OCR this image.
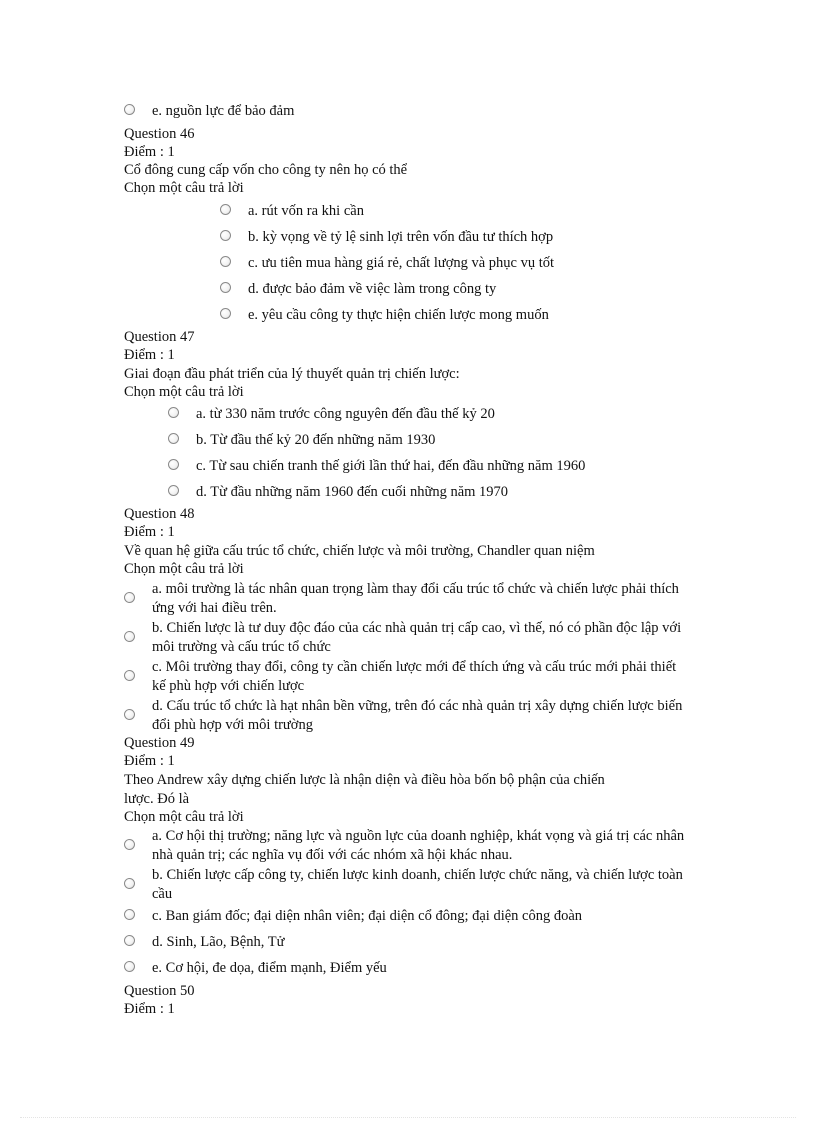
e. nguồn lực để bảo đảm
Question 46
Điểm : 1
Cổ đông cung cấp vốn cho công ty nên họ có thể
Chọn một câu trả lời
a. rút vốn ra khi cần
b. kỳ vọng về tỷ lệ sinh lợi trên vốn đầu tư thích hợp
c. ưu tiên mua hàng giá rẻ, chất lượng và phục vụ tốt
d. được bảo đảm về việc làm trong công ty
e. yêu cầu công ty thực hiện chiến lược mong muốn
Question 47
Điểm : 1
Giai đoạn đầu phát triển của lý thuyết quản trị chiến lược:
Chọn một câu trả lời
a. từ 330 năm trước công nguyên đến đầu thế kỷ 20
b. Từ đầu thế kỷ 20 đến những năm 1930
c. Từ sau chiến tranh thế giới lần thứ hai, đến đầu những năm 1960
d. Từ đầu những năm 1960 đến cuối những năm 1970
Question 48
Điểm : 1
Về quan hệ giữa cấu trúc tổ chức, chiến lược và môi trường, Chandler quan niệm
Chọn một câu trả lời
a. môi trường là tác nhân quan trọng làm thay đổi cấu trúc tổ chức và chiến lược phải thích ứng với hai điều trên.
b. Chiến lược là tư duy độc đáo của các nhà quản trị cấp cao, vì thế, nó có phần độc lập với môi trường và cấu trúc tổ chức
c. Môi trường thay đổi, công ty cần chiến lược mới để thích ứng và cấu trúc mới phải thiết kế phù hợp với chiến lược
d. Cấu trúc tổ chức là hạt nhân bền vững, trên đó các nhà quản trị xây dựng chiến lược biến đổi phù hợp với môi trường
Question 49
Điểm : 1
Theo Andrew xây dựng chiến lược là nhận diện và điều hòa bốn bộ phận của chiến
lược. Đó là
Chọn một câu trả lời
a. Cơ hội thị trường; năng lực và nguồn lực của doanh nghiệp, khát vọng và giá trị các nhân nhà quản trị; các nghĩa vụ đối với các nhóm xã hội khác nhau.
b. Chiến lược cấp công ty, chiến lược kinh doanh, chiến lược chức năng, và chiến lược toàn cầu
c. Ban giám đốc; đại diện nhân viên; đại diện cổ đông; đại diện công đoàn
d. Sinh, Lão, Bệnh, Tử
e. Cơ hội, đe dọa, điểm mạnh, Điểm yếu
Question 50
Điểm : 1
